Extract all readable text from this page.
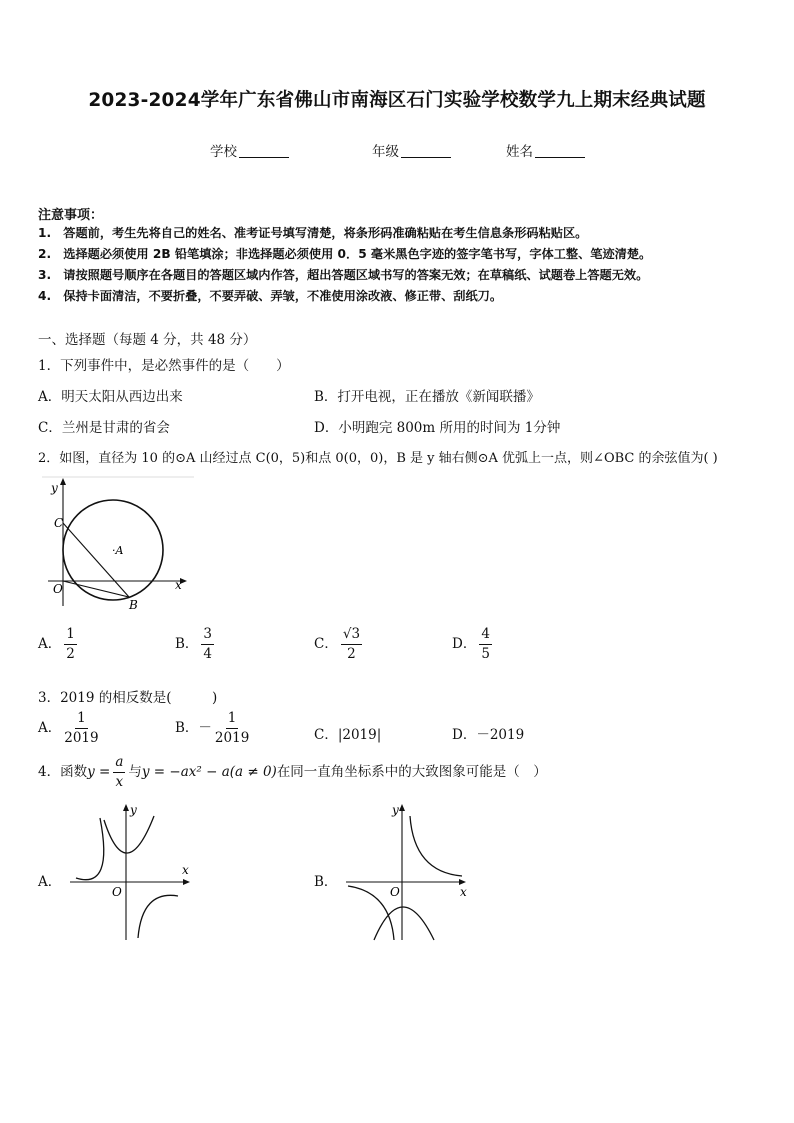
2023-2024学年广东省佛山市南海区石门实验学校数学九上期末经典试题
学校	年级	姓名
注意事项：
1.　答题前，考生先将自己的姓名、准考证号填写清楚，将条形码准确粘贴在考生信息条形码粘贴区。
2.　选择题必须使用 2B 铅笔填涂；非选择题必须使用 0．5 毫米黑色字迹的签字笔书写，字体工整、笔迹清楚。
3.　请按照题号顺序在各题目的答题区域内作答，超出答题区域书写的答案无效；在草稿纸、试题卷上答题无效。
4.　保持卡面清洁，不要折叠，不要弄破、弄皱，不准使用涂改液、修正带、刮纸刀。
一、选择题（每题 4 分，共 48 分）
1．下列事件中，是必然事件的是（　　）
A．明天太阳从西边出来	B．打开电视，正在播放《新闻联播》
C．兰州是甘肃的省会	D．小明跑完 800m 所用的时间为 1分钟
2．如图，直径为 10 的⊙A 山经过点 C(0，5)和点 0(0，0)，B 是 y 轴右侧⊙A 优弧上一点，则∠OBC 的余弦值为( )
y
x
C
·A
O
B
A． $\frac{1}{2}$	B． $\frac{3}{4}$	C． $\frac{√3}{2}$	D． $\frac{4}{5}$
3．2019 的相反数是(　　　)
A． $\frac{1}{2019}$	B．－ $\frac{1}{2019}$	C．|2019|	D．－2019
4．函数$y = \frac{a}{x}$ 与y = −ax² − a(a ≠ 0)在同一直角坐标系中的大致图象可能是（　）
A．
y
x
O
B．
y
x
O
